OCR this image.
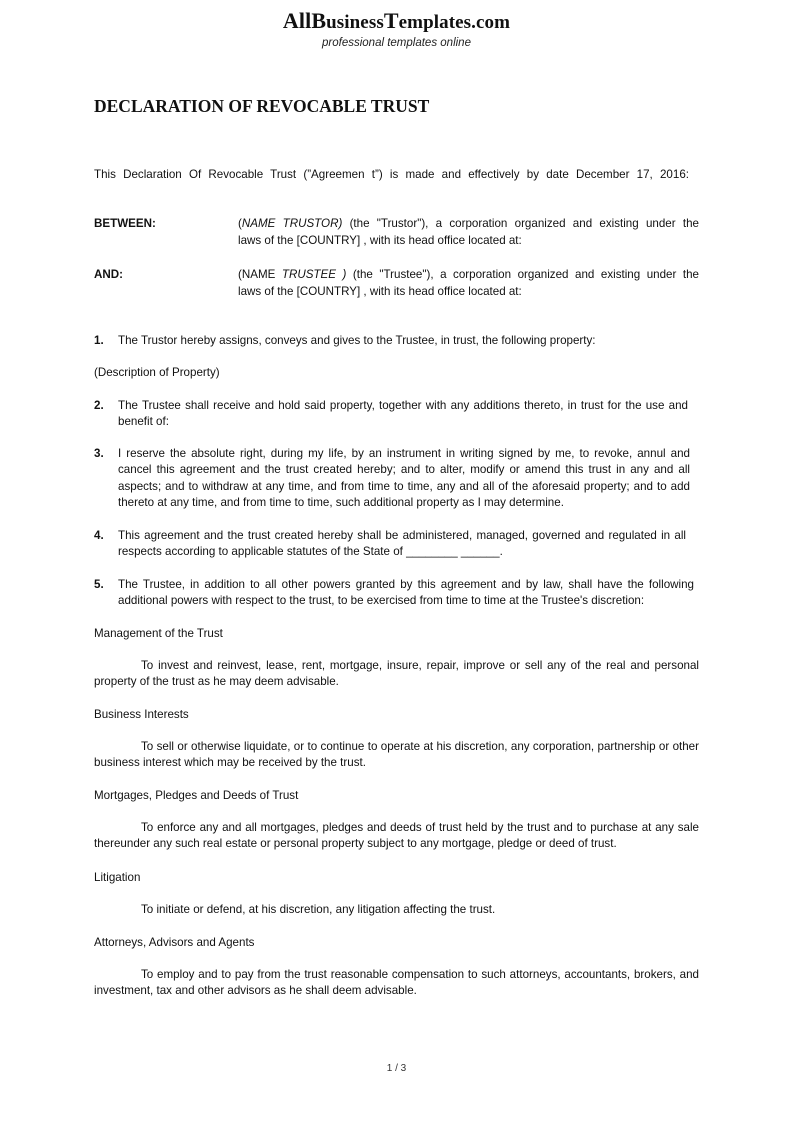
AllBusinessTemplates.com
professional templates online
DECLARATION OF REVOCABLE TRUST
This Declaration Of Revocable Trust (”Agreemen t”) is made and effectively by date December 17, 2016:
BETWEEN:	(NAME TRUSTOR) (the "Trustor"), a corporation organized and existing under the
laws of the [COUNTRY] , with its head office located at:
AND:	(NAME TRUSTEE ) (the "Trustee"), a corporation organized and existing under the
laws of the [COUNTRY] , with its head office located at:
1. The Trustor hereby assigns, conveys and gives to the Trustee, in trust, the following property:
(Description of Property)
2. The Trustee shall receive and hold said property, together with any additions thereto, in trust for the use and benefit of:
3. I reserve the absolute right, during my life, by an instrument in writing signed by me, to revoke, annul and cancel this agreement and the trust created hereby; and to alter, modify or amend this trust in any and all aspects; and to withdraw at any time, and from time to time, any and all of the aforesaid property; and to add thereto at any time, and from time to time, such additional property as I may determine.
4. This agreement and the trust created hereby shall be administered, managed, governed and regulated in all respects according to applicable statutes of the State of ________ ______.
5. The Trustee, in addition to all other powers granted by this agreement and by law, shall have the following additional powers with respect to the trust, to be exercised from time to time at the Trustee's discretion:
Management of the Trust
To invest and reinvest, lease, rent, mortgage, insure, repair, improve or sell any of the real and personal property of the trust as he may deem advisable.
Business Interests
To sell or otherwise liquidate, or to continue to operate at his discretion, any corporation, partnership or other business interest which may be received by the trust.
Mortgages, Pledges and Deeds of Trust
To enforce any and all mortgages, pledges and deeds of trust held by the trust and to purchase at any sale thereunder any such real estate or personal property subject to any mortgage, pledge or deed of trust.
Litigation
To initiate or defend, at his discretion, any litigation affecting the trust.
Attorneys, Advisors and Agents
To employ and to pay from the trust reasonable compensation to such attorneys, accountants, brokers, and investment, tax and other advisors as he shall deem advisable.
1 / 3
